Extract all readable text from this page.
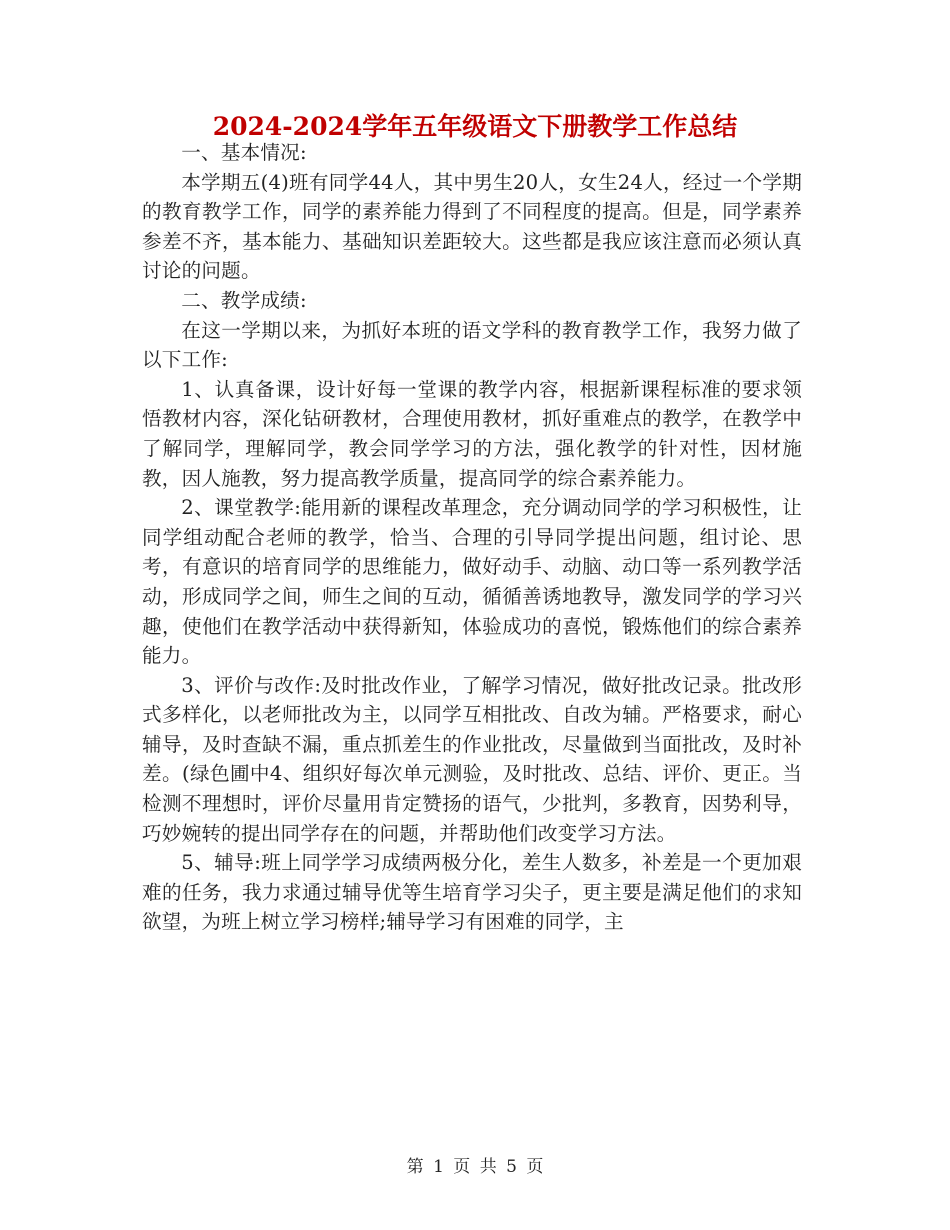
2024-2024学年五年级语文下册教学工作总结

一、基本情况:

本学期五(4)班有同学44人，其中男生20人，女生24人，经过一个学期的教育教学工作，同学的素养能力得到了不同程度的提高。但是，同学素养参差不齐，基本能力、基础知识差距较大。这些都是我应该注意而必须认真讨论的问题。

二、教学成绩:

在这一学期以来，为抓好本班的语文学科的教育教学工作，我努力做了以下工作:

1、认真备课，设计好每一堂课的教学内容，根据新课程标准的要求领悟教材内容，深化钻研教材，合理使用教材，抓好重难点的教学，在教学中了解同学，理解同学，教会同学学习的方法，强化教学的针对性，因材施教，因人施教，努力提高教学质量，提高同学的综合素养能力。

2、课堂教学:能用新的课程改革理念，充分调动同学的学习积极性，让同学组动配合老师的教学，恰当、合理的引导同学提出问题，组讨论、思考，有意识的培育同学的思维能力，做好动手、动脑、动口等一系列教学活动，形成同学之间，师生之间的互动，循循善诱地教导，激发同学的学习兴趣，使他们在教学活动中获得新知，体验成功的喜悦，锻炼他们的综合素养能力。

3、评价与改作:及时批改作业，了解学习情况，做好批改记录。批改形式多样化，以老师批改为主，以同学互相批改、自改为辅。严格要求，耐心辅导，及时查缺不漏，重点抓差生的作业批改，尽量做到当面批改，及时补差。(绿色圃中4、组织好每次单元测验，及时批改、总结、评价、更正。当检测不理想时，评价尽量用肯定赞扬的语气，少批判，多教育，因势利导，巧妙婉转的提出同学存在的问题，并帮助他们改变学习方法。

5、辅导:班上同学学习成绩两极分化，差生人数多，补差是一个更加艰难的任务，我力求通过辅导优等生培育学习尖子，更主要是满足他们的求知欲望，为班上树立学习榜样;辅导学习有困难的同学，主

第 1 页 共 5 页
